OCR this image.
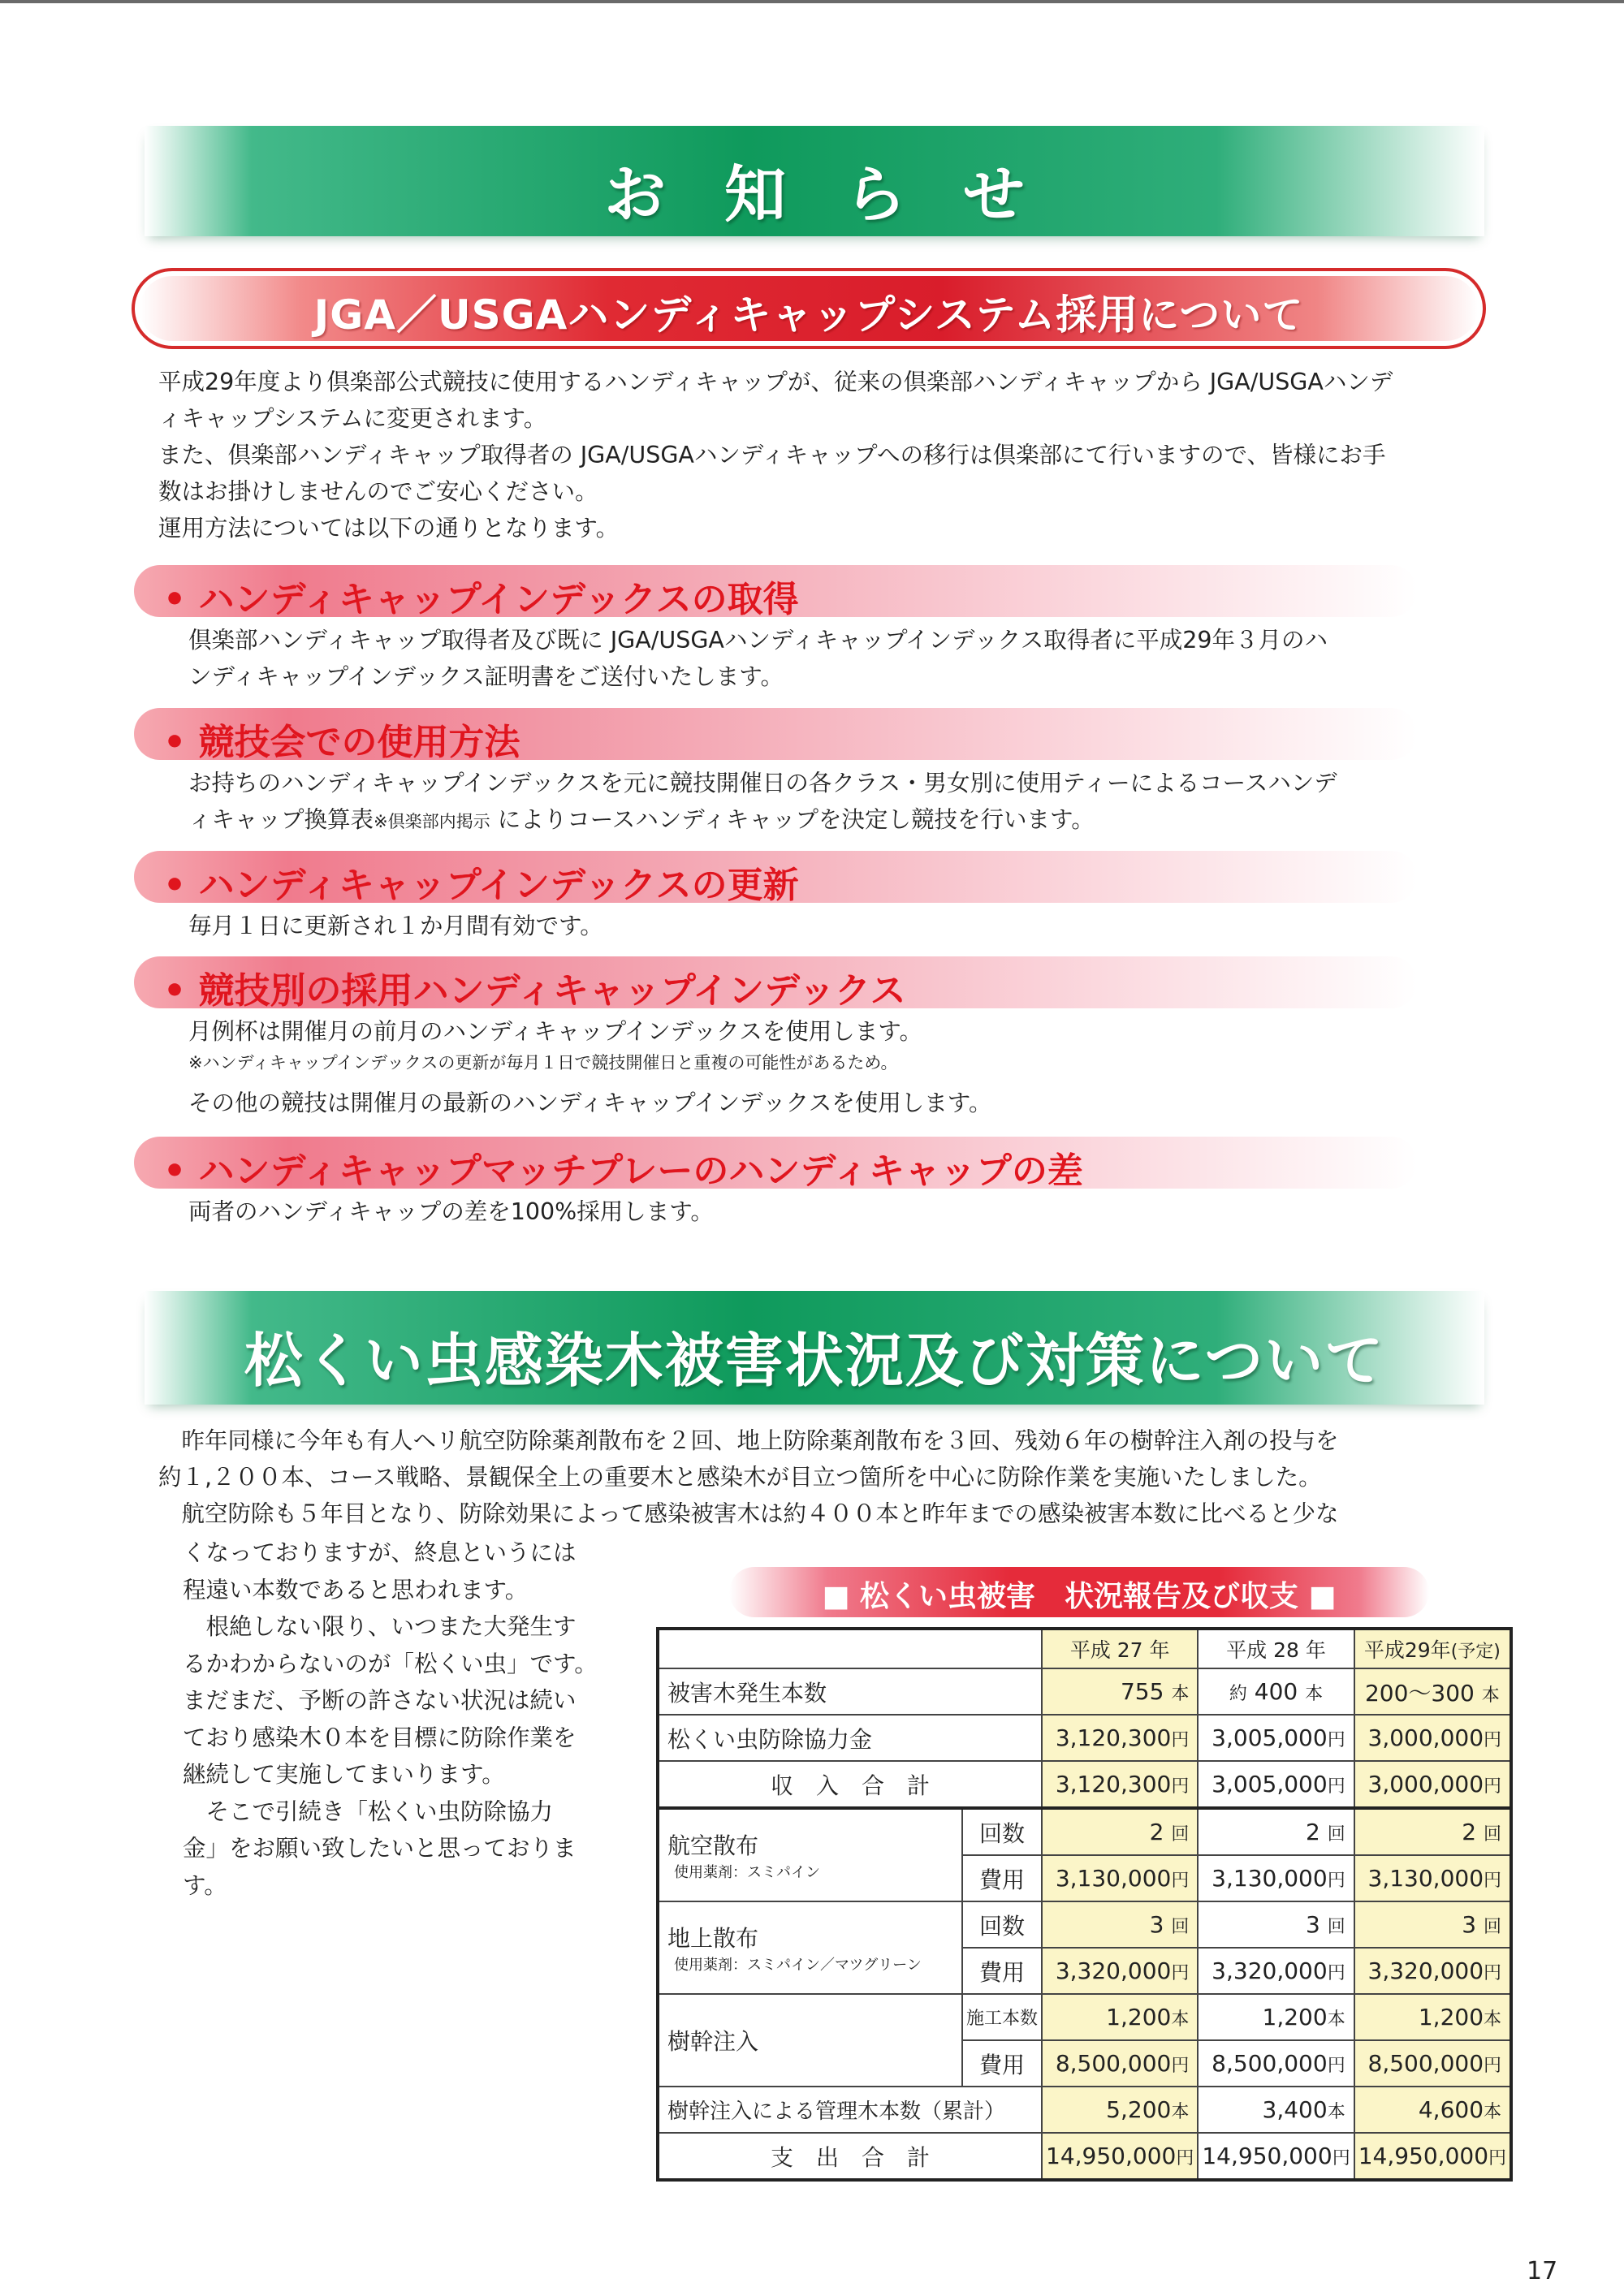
お知らせ
JGA／USGAハンディキャップシステム採用について

平成29年度より倶楽部公式競技に使用するハンディキャップが、従来の倶楽部ハンディキャップから JGA/USGAハンデ
ィキャップシステムに変更されます。
また、倶楽部ハンディキャップ取得者の JGA/USGAハンディキャップへの移行は倶楽部にて行いますので、皆様にお手
数はお掛けしませんのでご安心ください。
運用方法については以下の通りとなります。

• ハンディキャップインデックスの取得

倶楽部ハンディキャップ取得者及び既に JGA/USGAハンディキャップインデックス取得者に平成29年３月のハ
ンディキャップインデックス証明書をご送付いたします。

• 競技会での使用方法

お持ちのハンディキャップインデックスを元に競技開催日の各クラス・男女別に使用ティーによるコースハンデ
ィキャップ換算表※倶楽部内掲示 によりコースハンディキャップを決定し競技を行います。

• ハンディキャップインデックスの更新

毎月１日に更新され１か月間有効です。

• 競技別の採用ハンディキャップインデックス

月例杯は開催月の前月のハンディキャップインデックスを使用します。

※ハンディキャップインデックスの更新が毎月１日で競技開催日と重複の可能性があるため。

その他の競技は開催月の最新のハンディキャップインデックスを使用します。

• ハンディキャップマッチプレーのハンディキャップの差

両者のハンディキャップの差を100%採用します。

松くい虫感染木被害状況及び対策について

　昨年同様に今年も有人ヘリ航空防除薬剤散布を２回、地上防除薬剤散布を３回、残効６年の樹幹注入剤の投与を
約１,２００本、コース戦略、景観保全上の重要木と感染木が目立つ箇所を中心に防除作業を実施いたしました。
　航空防除も５年目となり、防除効果によって感染被害木は約４００本と昨年までの感染被害本数に比べると少な

くなっておりますが、終息というには
程遠い本数であると思われます。
　根絶しない限り、いつまた大発生す
るかわからないのが「松くい虫」です。
まだまだ、予断の許さない状況は続い
ており感染木０本を目標に防除作業を
継続して実施してまいります。
　そこで引続き「松くい虫防除協力
金」をお願い致したいと思っておりま
す。

■ 松くい虫被害　状況報告及び収支 ■
		平成 27 年	平成 28 年	平成29年(予定)
被害木発生本数		755 本	約 400 本	200〜300 本
松くい虫防除協力金		3,120,300円	3,005,000円	3,000,000円
収　入　合　計		3,120,300円	3,005,000円	3,000,000円

航空散布
使用薬剤：スミパイン	回数	2 回	2 回	2 回
	費用	3,130,000円	3,130,000円	3,130,000円

地上散布
使用薬剤：スミパイン／マツグリーン	回数	3 回	3 回	3 回
	費用	3,320,000円	3,320,000円	3,320,000円
樹幹注入	施工本数	1,200本	1,200本	1,200本
	費用	8,500,000円	8,500,000円	8,500,000円
樹幹注入による管理木本数（累計）		5,200本	3,400本	4,600本
支　出　合　計		14,950,000円	14,950,000円	14,950,000円
17
